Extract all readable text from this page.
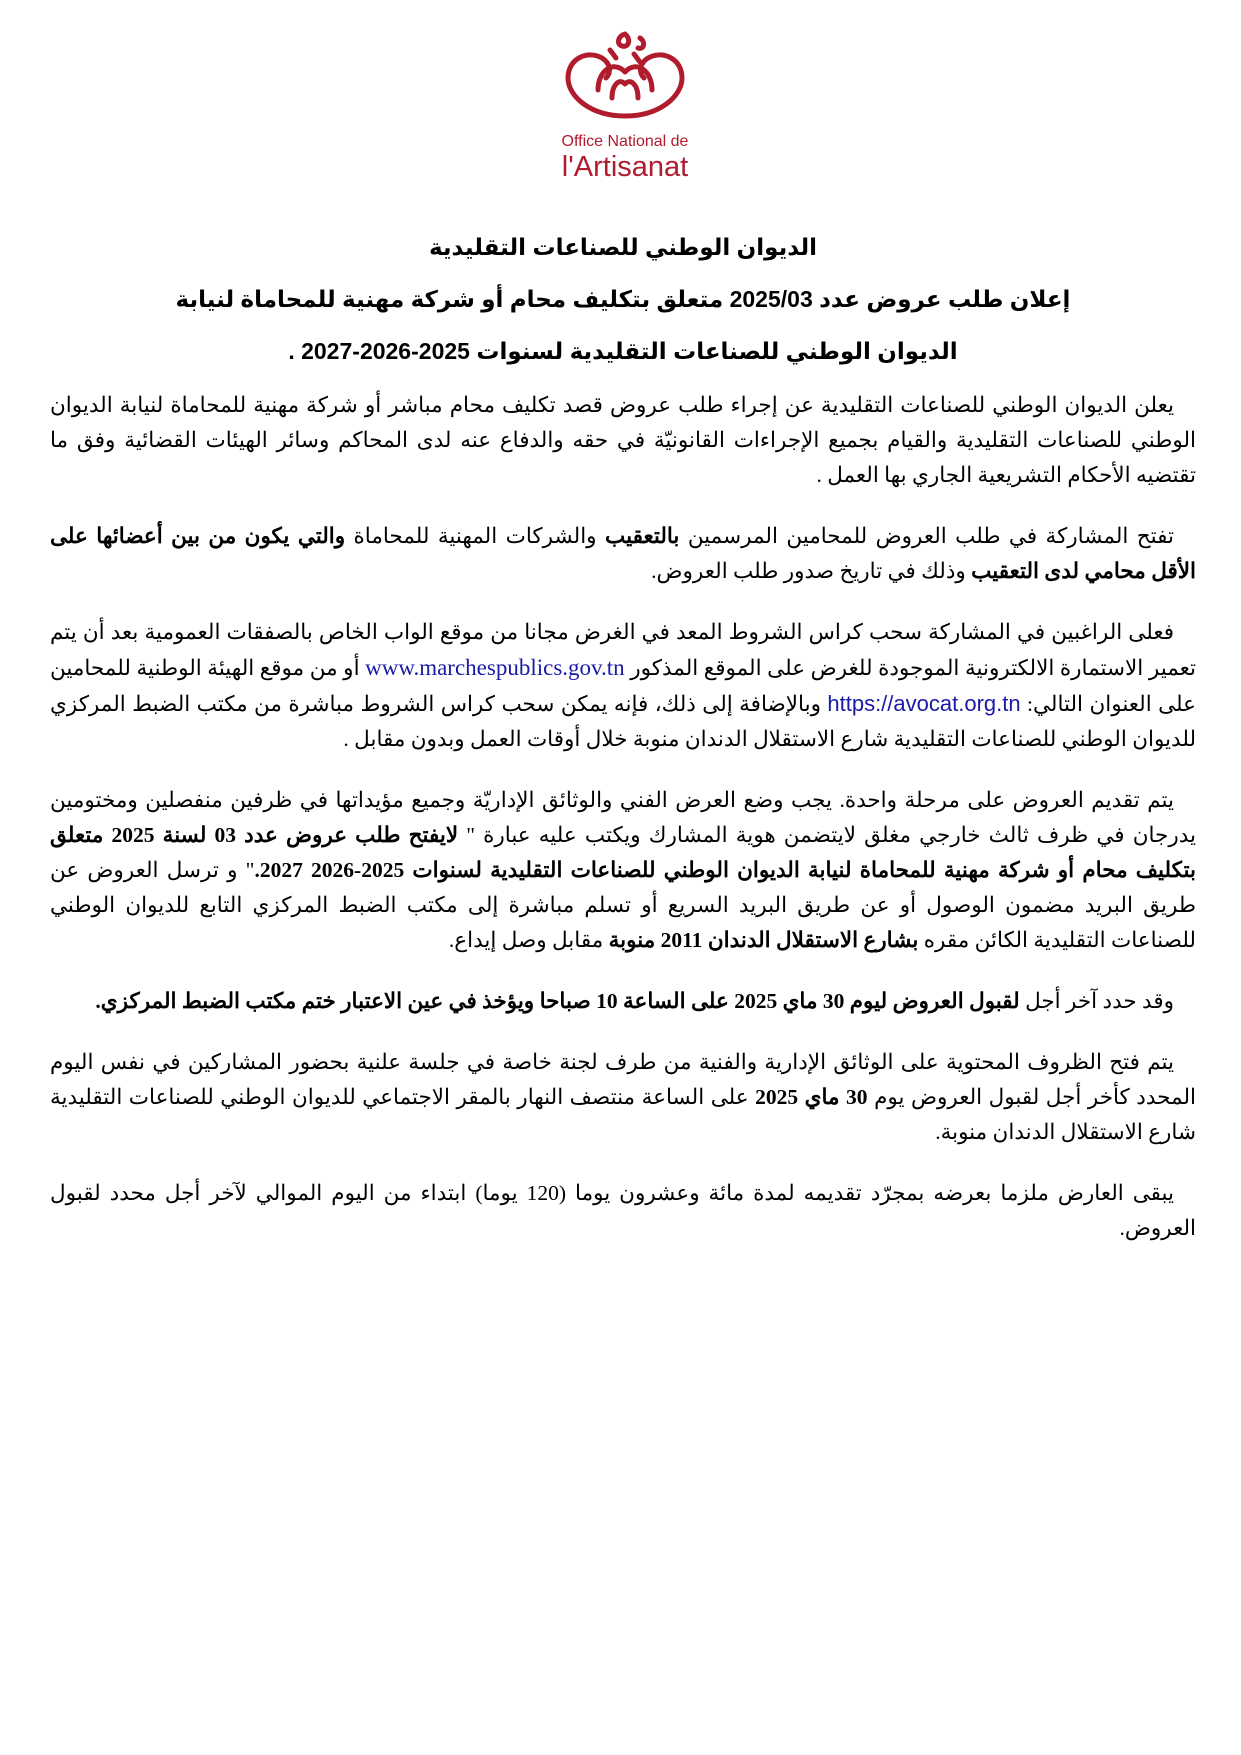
Office National de
l'Artisanat
الديوان الوطني للصناعات التقليدية
إعلان طلب عروض عدد 2025/03 متعلق بتكليف محام أو شركة مهنية للمحاماة لنيابة
الديوان الوطني للصناعات التقليدية لسنوات 2025-2026-2027 .

يعلن الديوان الوطني للصناعات التقليدية عن إجراء طلب عروض قصد تكليف محام مباشر أو شركة مهنية للمحاماة لنيابة الديوان الوطني للصناعات التقليدية والقيام بجميع الإجراءات القانونيّة في حقه والدفاع عنه لدى المحاكم وسائر الهيئات القضائية وفق ما تقتضيه الأحكام التشريعية الجاري بها العمل .

تفتح المشاركة في طلب العروض للمحامين المرسمين بالتعقيب والشركات المهنية للمحاماة والتي يكون من بين أعضائها على الأقل محامي لدى التعقيب وذلك في تاريخ صدور طلب العروض.

فعلى الراغبين في المشاركة سحب كراس الشروط المعد في الغرض مجانا من موقع الواب الخاص بالصفقات العمومية بعد أن يتم تعمير الاستمارة الالكترونية الموجودة للغرض على الموقع المذكور www.marchespublics.gov.tn أو من موقع الهيئة الوطنية للمحامين على العنوان التالي: https://avocat.org.tn وبالإضافة إلى ذلك، فإنه يمكن سحب كراس الشروط مباشرة من مكتب الضبط المركزي للديوان الوطني للصناعات التقليدية شارع الاستقلال الدندان منوبة خلال أوقات العمل وبدون مقابل .

يتم تقديم العروض على مرحلة واحدة. يجب وضع العرض الفني والوثائق الإداريّة وجميع مؤيداتها في ظرفين منفصلين ومختومين يدرجان في ظرف ثالث خارجي مغلق لايتضمن هوية المشارك ويكتب عليه عبارة " لايفتح طلب عروض عدد 03 لسنة 2025 متعلق بتكليف محام أو شركة مهنية للمحاماة لنيابة الديوان الوطني للصناعات التقليدية لسنوات 2025-2026 2027." و ترسل العروض عن طريق البريد مضمون الوصول أو عن طريق البريد السريع أو تسلم مباشرة إلى مكتب الضبط المركزي التابع للديوان الوطني للصناعات التقليدية الكائن مقره بشارع الاستقلال الدندان 2011 منوبة مقابل وصل إيداع.

وقد حدد آخر أجل لقبول العروض ليوم 30 ماي 2025 على الساعة 10 صباحا ويؤخذ في عين الاعتبار ختم مكتب الضبط المركزي.

يتم فتح الظروف المحتوية على الوثائق الإدارية والفنية من طرف لجنة خاصة في جلسة علنية بحضور المشاركين في نفس اليوم المحدد كأخر أجل لقبول العروض يوم 30 ماي 2025 على الساعة منتصف النهار بالمقر الاجتماعي للديوان الوطني للصناعات التقليدية شارع الاستقلال الدندان منوبة.

يبقى العارض ملزما بعرضه بمجرّد تقديمه لمدة مائة وعشرون يوما (120 يوما) ابتداء من اليوم الموالي لآخر أجل محدد لقبول العروض.
